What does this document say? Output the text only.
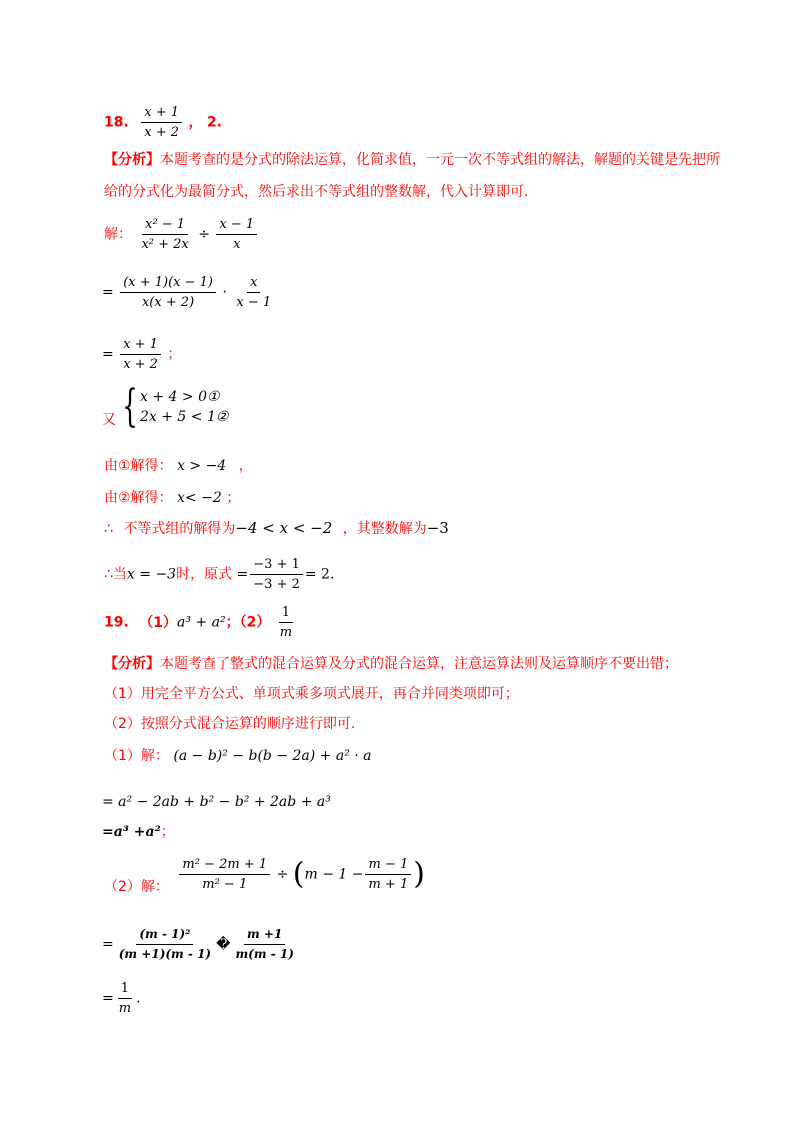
18. $\frac{x + 1}{x + 2}$ ， 2.
【分析】本题考查的是分式的除法运算，化简求值，一元一次不等式组的解法，解题的关键是先把所
给的分式化为最简分式，然后求出不等式组的整数解，代入计算即可.
解： $\frac{\text{x² − 1}}{\text{x² + 2x}} \div \frac{x - 1}{x}$
= $\frac{(x + 1)(x - 1)}{x(x + 2)} \cdot \frac{x}{x - 1}$
= $\frac{x + 1}{x + 2}$ ；
又 { x + 4 > 0①
2x + 5 < 1②
由①解得： x > −4 ，
由②解得： x< −2 ；
∴ 不等式组的解得为−4 < x < −2 ，其整数解为−3
∴当x = −3时，原式 = $\frac{-3 + 1}{-3 + 2} = 2$.
19. （1）a³ + a²；$(2) \frac{1}{m}$
【分析】本题考查了整式的混合运算及分式的混合运算，注意运算法则及运算顺序不要出错；
（1）用完全平方公式、单项式乘多项式展开，再合并同类项即可；
（2）按照分式混合运算的顺序进行即可.
（1）解： (a − b)² − b(b − 2a) + a² · a
= a² − 2ab + b² − b² + 2ab + a³
=a³ +a²；
（2）解： $\frac{\text{m² − 2m + 1}}{\text{m² − 1}} \div (m - 1 - \frac{m - 1}{m + 1}$ )
= $\frac{\text{(m - 1)²}}{(m +1)(m - 1)}$ � $\frac{m +1}{m(m - 1)}$
= $\frac{1}{m}$ .
